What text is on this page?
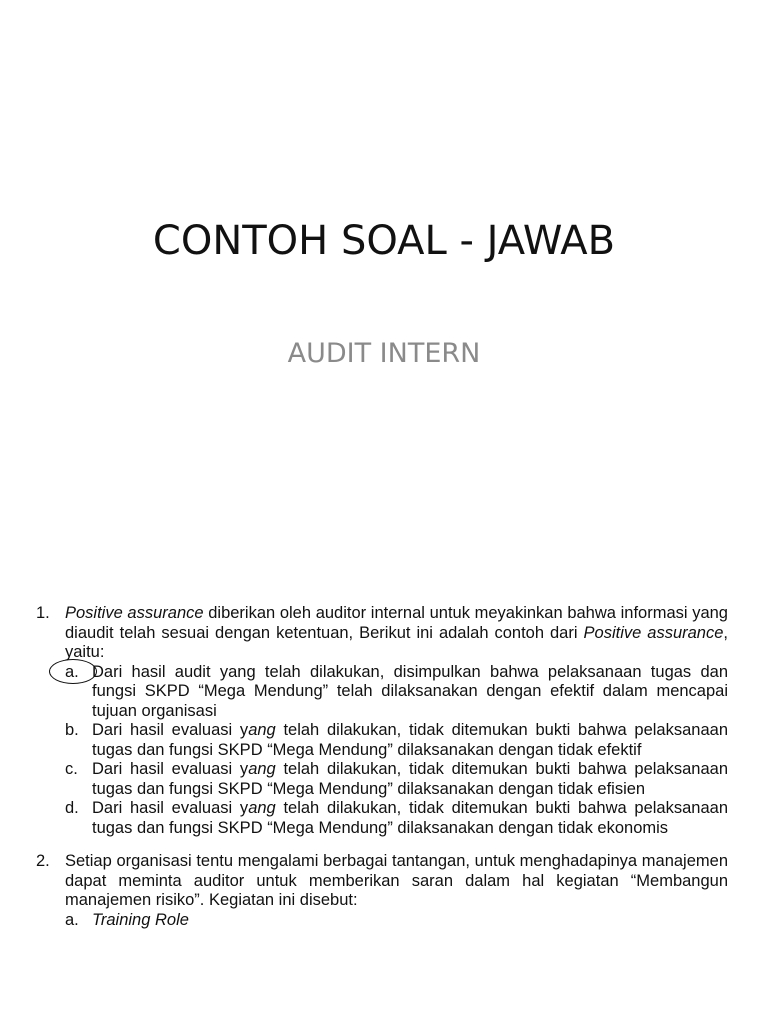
CONTOH SOAL - JAWAB
AUDIT INTERN
1. Positive assurance diberikan oleh auditor internal untuk meyakinkan bahwa informasi yang diaudit telah sesuai dengan ketentuan, Berikut ini adalah contoh dari Positive assurance, yaitu:
a. Dari hasil audit yang telah dilakukan, disimpulkan bahwa pelaksanaan tugas dan fungsi SKPD “Mega Mendung” telah dilaksanakan dengan efektif dalam mencapai tujuan organisasi
b. Dari hasil evaluasi yang telah dilakukan, tidak ditemukan bukti bahwa pelaksanaan tugas dan fungsi SKPD “Mega Mendung” dilaksanakan dengan tidak efektif
c. Dari hasil evaluasi yang telah dilakukan, tidak ditemukan bukti bahwa pelaksanaan tugas dan fungsi SKPD “Mega Mendung” dilaksanakan dengan tidak efisien
d. Dari hasil evaluasi yang telah dilakukan, tidak ditemukan bukti bahwa pelaksanaan tugas dan fungsi SKPD “Mega Mendung” dilaksanakan dengan tidak ekonomis
2. Setiap organisasi tentu mengalami berbagai tantangan, untuk menghadapinya manajemen dapat meminta auditor untuk memberikan saran dalam hal kegiatan “Membangun manajemen risiko”. Kegiatan ini disebut:
a. Training Role
